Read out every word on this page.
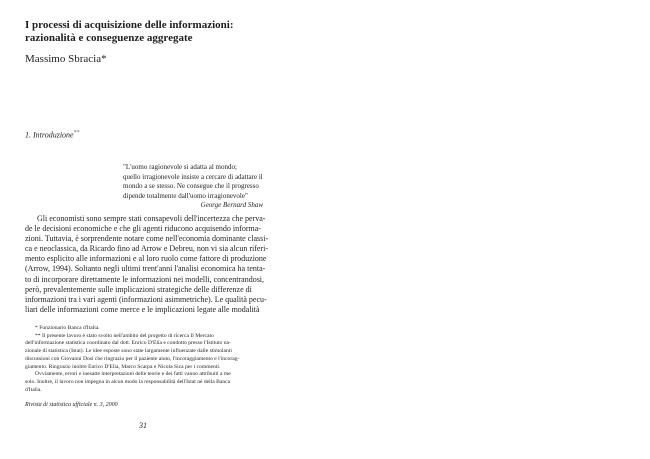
I processi di acquisizione delle informazioni:
razionalità e conseguenze aggregate
Massimo Sbracia*
1. Introduzione**
"L'uomo ragionevole si adatta al mondo;
quello irragionevole insiste a cercare di adattare il
mondo a se stesso. Ne consegue che il progresso
dipende totalmente dall'uomo irragionevole"
George Bernard Shaw
Gli economisti sono sempre stati consapevoli dell'incertezza che perva-
de le decisioni economiche e che gli agenti riducono acquisendo informa-
zioni. Tuttavia, è sorprendente notare come nell'economia dominante classi-
ca e neoclassica, da Ricardo fino ad Arrow e Debreu, non vi sia alcun riferi-
mento esplicito alle informazioni e al loro ruolo come fattore di produzione
(Arrow, 1994). Soltanto negli ultimi trent'anni l'analisi economica ha tenta-
to di incorporare direttamente le informazioni nei modelli, concentrandosi,
però, prevalentemente sulle implicazioni strategiche delle differenze di
informazioni tra i vari agenti (informazioni asimmetriche). Le qualità pecu-
liari delle informazioni come merce e le implicazioni legate alle modalità
* Funzionario Banca d'Italia.
** Il presente lavoro è stato svolto nell'ambito del progetto di ricerca Il Mercato
dell'informazione statistica coordinato dal dott. Enrico D'Elia e condotto presso l'Istituto na-
zionale di statistica (Istat). Le idee esposte sono state largamente influenzate dalle stimolanti
discussioni con Giovanni Dosi che ringrazio per il paziente aiuto, l'incoraggiamento e l'incorag-
giamento. Ringrazio inoltre Enrico D'Elia, Marco Scarpa e Nicola Sica per i commenti.
Ovviamente, errori e inesatte interpretazioni delle teorie e dei fatti vanno attribuiti a me
solo. Inoltre, il lavoro non impegna in alcun modo la responsabilità dell'Istat né della Banca
d'Italia.
Rivista di statistica ufficiale n. 3, 2000
31
